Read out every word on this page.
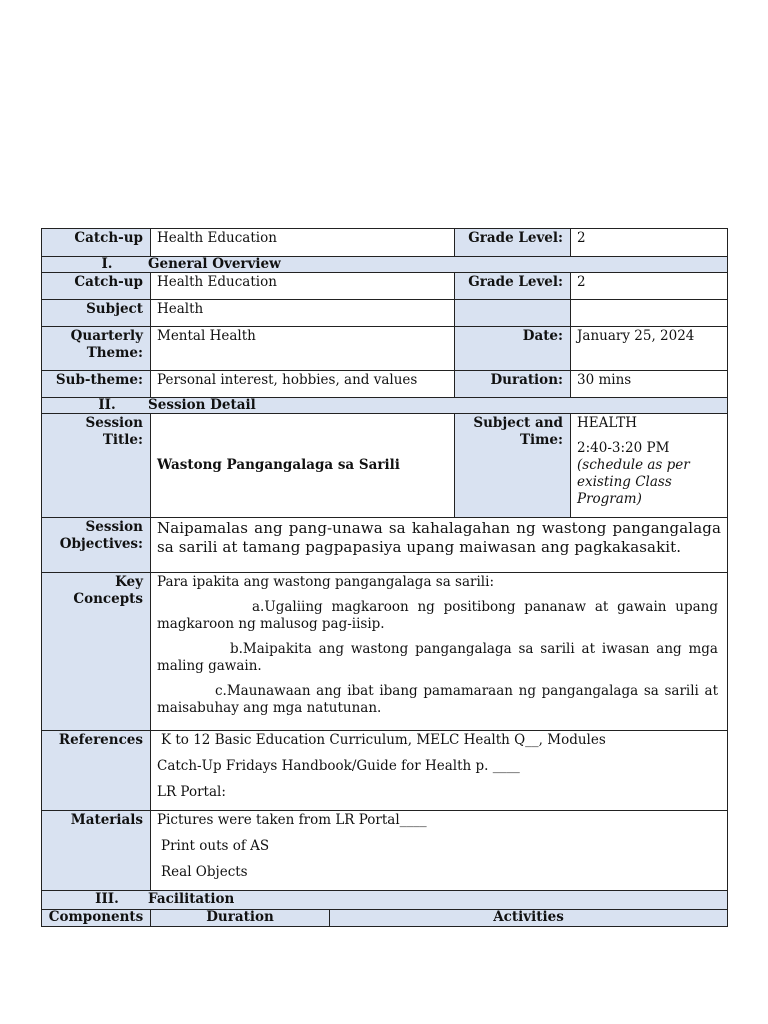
Catch-up	Health Education	Grade Level:	2
I. General Overview			
Catch-up	Health Education	Grade Level:	2
Subject	Health		
Quarterly Theme:	Mental Health	Date:	January 25, 2024
Sub-theme:	Personal interest, hobbies, and values	Duration:	30 mins
II. Session Detail			
Session Title:	Wastong Pangangalaga sa Sarili	Subject and Time:	HEALTH

2:40-3:20 PM

(schedule as per existing Class Program)

Session Objectives:	Naipamalas ang pang-unawa sa kahalagahan ng wastong pangangalaga sa sarili at tamang pagpapasiya upang maiwasan ang pagkakasakit.		
Key Concepts	Para ipakita ang wastong pangangalaga sa sarili:

a.Ugaliing magkaroon ng positibong pananaw at gawain upang magkaroon ng malusog pag-iisip.

b.Maipakita ang wastong pangangalaga sa sarili at iwasan ang mga maling gawain.

c.Maunawaan ang ibat ibang pamamaraan ng pangangalaga sa sarili at maisabuhay ang mga natutunan.		

References	K to 12 Basic Education Curriculum, MELC Health Q__, Modules

Catch-Up Fridays Handbook/Guide for Health p. ____

LR Portal:		

Materials	Pictures were taken from LR Portal____

Print outs of AS

Real Objects		

III. Facilitation			
Components	Duration	Activities
